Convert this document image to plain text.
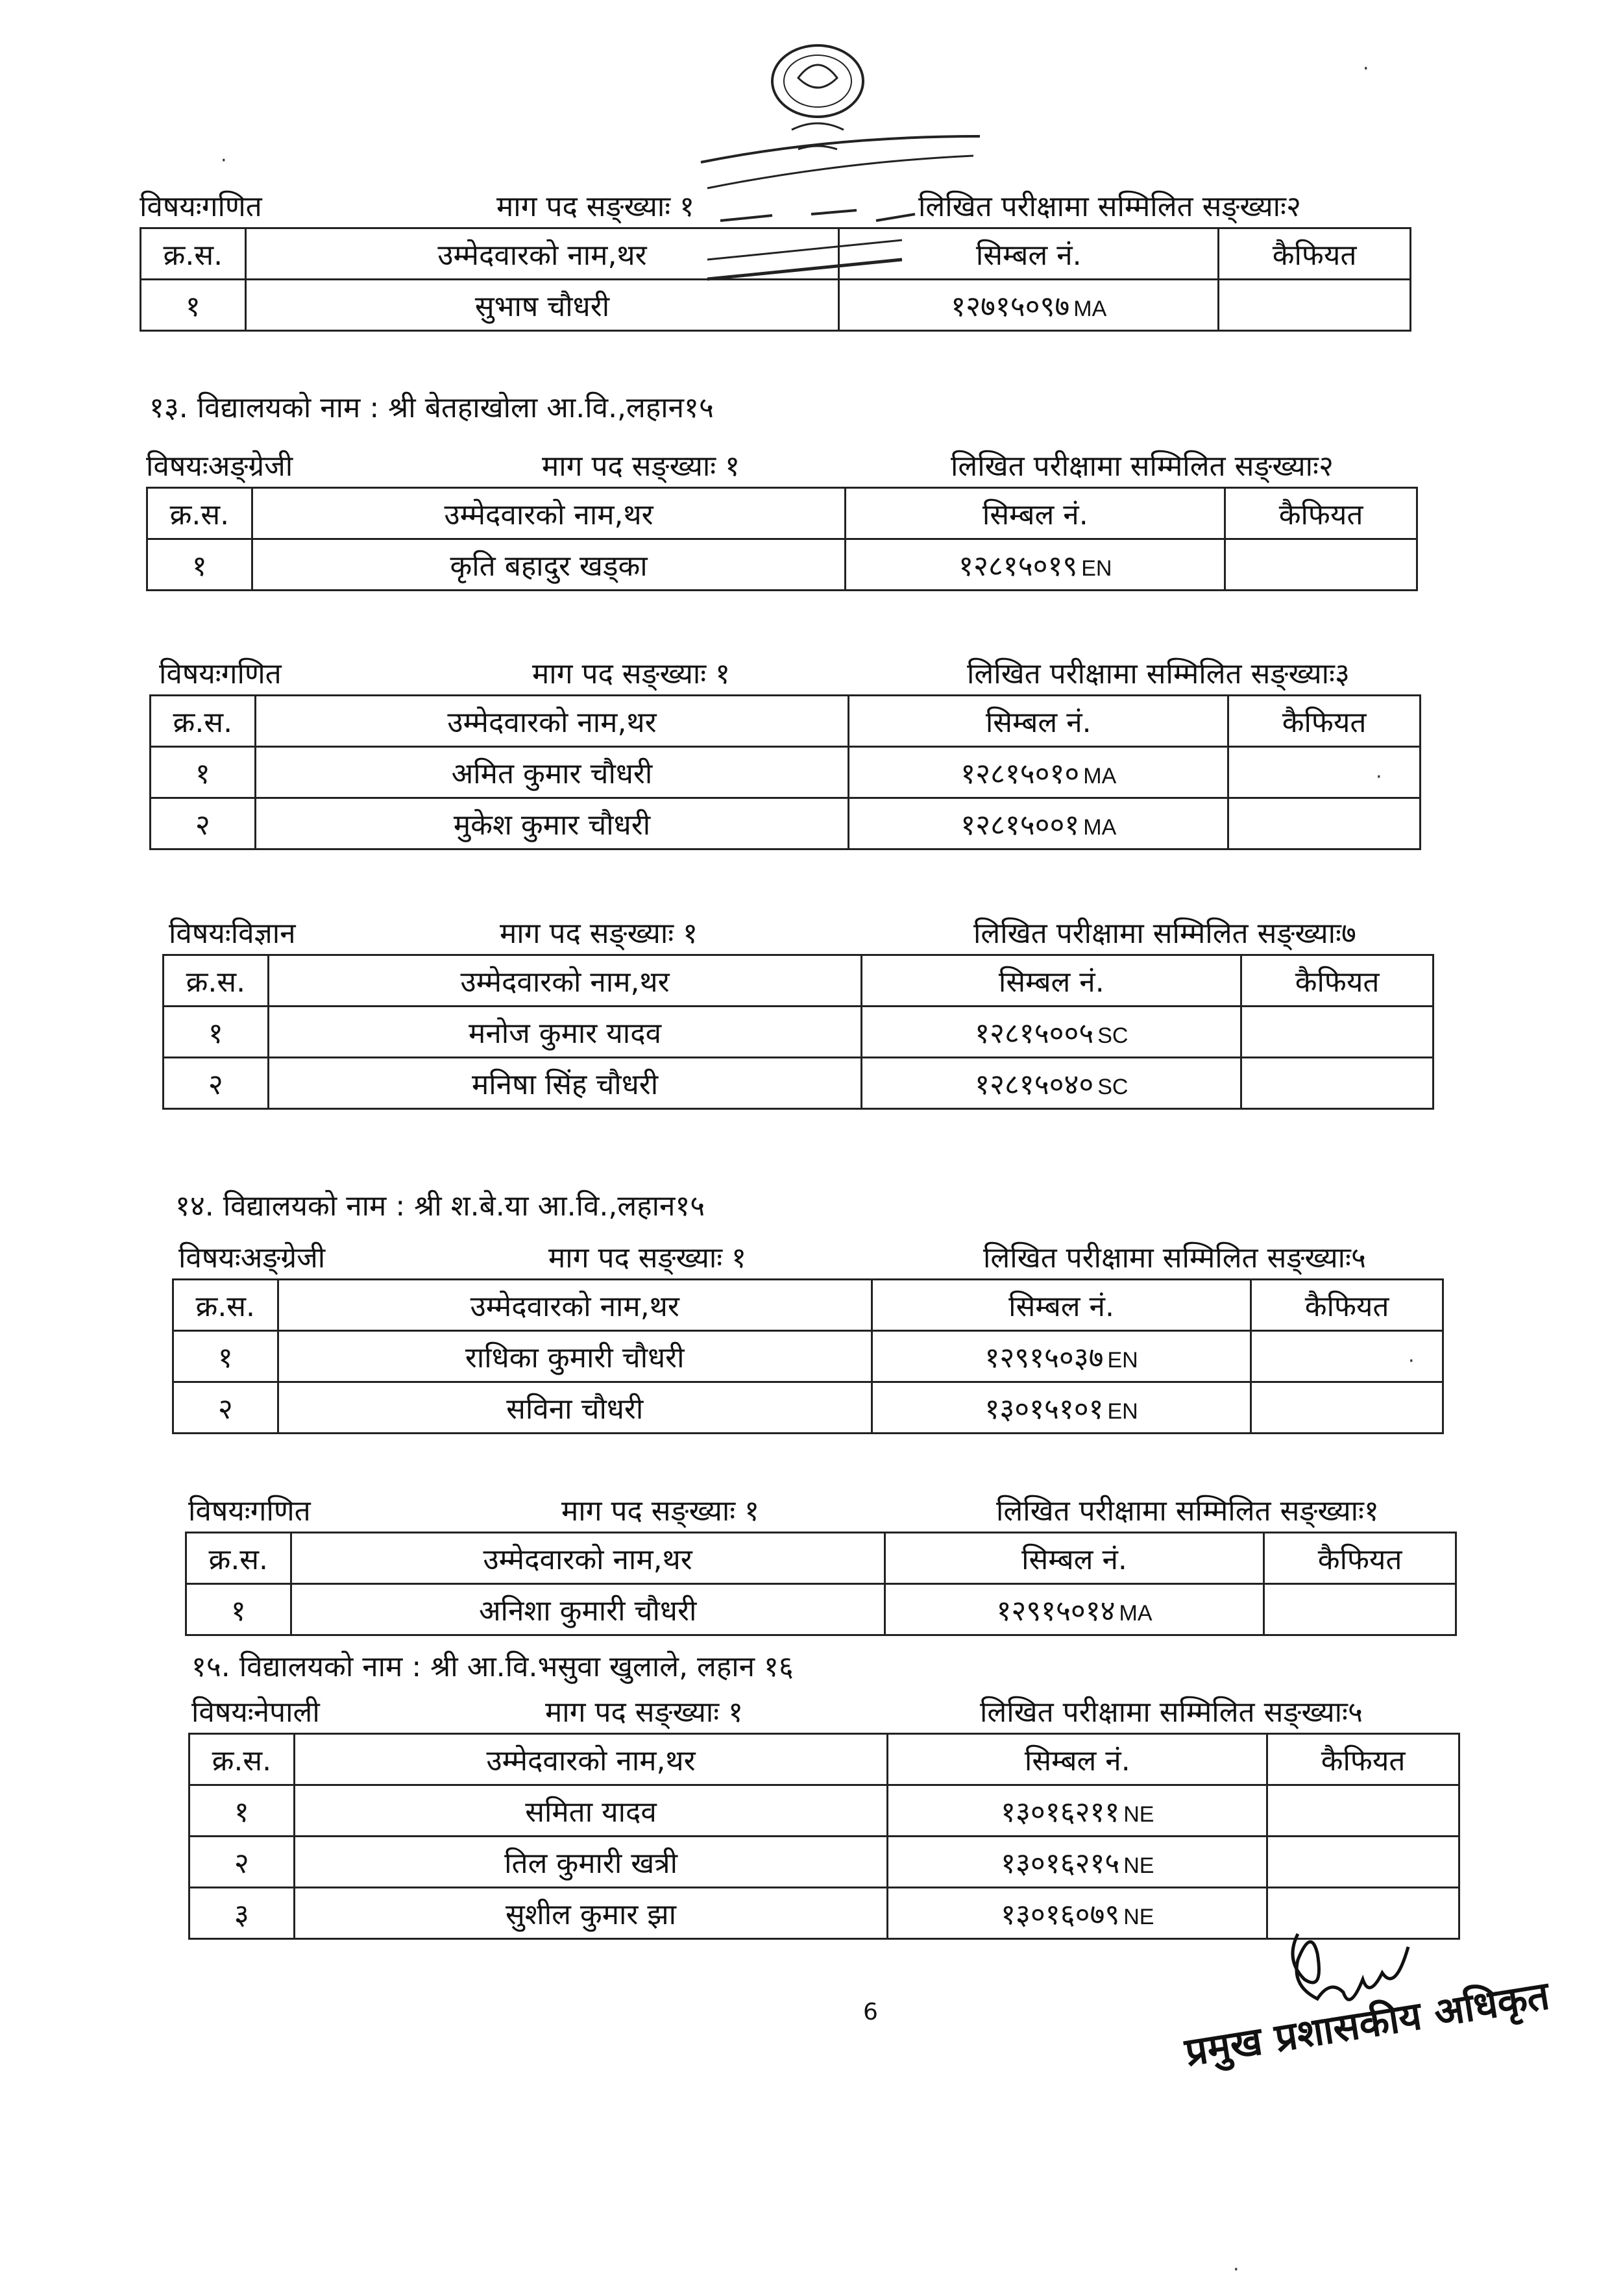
विषयःगणित	माग पद सङ्ख्याः १	लिखित परीक्षामा सम्मिलित सङ्ख्याः२
क्र.स.	उम्मेदवारको नाम,थर	सिम्बल नं.	कैफियत
१	सुभाष चौधरी	१२७१५०९७ MA	
१३. विद्यालयको नाम : श्री बेतहाखोला आ.वि.,लहान१५
विषयःअङ्ग्रेजी	माग पद सङ्ख्याः १	लिखित परीक्षामा सम्मिलित सङ्ख्याः२
क्र.स.	उम्मेदवारको नाम,थर	सिम्बल नं.	कैफियत
१	कृति बहादुर खड्का	१२८१५०१९ EN	
विषयःगणित	माग पद सङ्ख्याः १	लिखित परीक्षामा सम्मिलित सङ्ख्याः३
क्र.स.	उम्मेदवारको नाम,थर	सिम्बल नं.	कैफियत
१	अमित कुमार चौधरी	१२८१५०१० MA	
२	मुकेश कुमार चौधरी	१२८१५००१ MA	
विषयःविज्ञान	माग पद सङ्ख्याः १	लिखित परीक्षामा सम्मिलित सङ्ख्याः७
क्र.स.	उम्मेदवारको नाम,थर	सिम्बल नं.	कैफियत
१	मनोज कुमार यादव	१२८१५००५ SC	
२	मनिषा सिंह चौधरी	१२८१५०४० SC	
१४. विद्यालयको नाम : श्री श.बे.या आ.वि.,लहान१५
विषयःअङ्ग्रेजी	माग पद सङ्ख्याः १	लिखित परीक्षामा सम्मिलित सङ्ख्याः५
क्र.स.	उम्मेदवारको नाम,थर	सिम्बल नं.	कैफियत
१	राधिका कुमारी चौधरी	१२९१५०३७ EN	
२	सविना चौधरी	१३०१५१०१ EN	
विषयःगणित	माग पद सङ्ख्याः १	लिखित परीक्षामा सम्मिलित सङ्ख्याः१
क्र.स.	उम्मेदवारको नाम,थर	सिम्बल नं.	कैफियत
१	अनिशा कुमारी चौधरी	१२९१५०१४ MA	
१५. विद्यालयको नाम : श्री आ.वि.भसुवा खुलाले, लहान १६
विषयःनेपाली	माग पद सङ्ख्याः १	लिखित परीक्षामा सम्मिलित सङ्ख्याः५
क्र.स.	उम्मेदवारको नाम,थर	सिम्बल नं.	कैफियत
१	समिता यादव	१३०१६२११ NE	
२	तिल कुमारी खत्री	१३०१६२१५ NE	
३	सुशील कुमार झा	१३०१६०७९ NE	
6	प्रमुख प्रशासकीय अधिकृत
.
·
·
·
·
